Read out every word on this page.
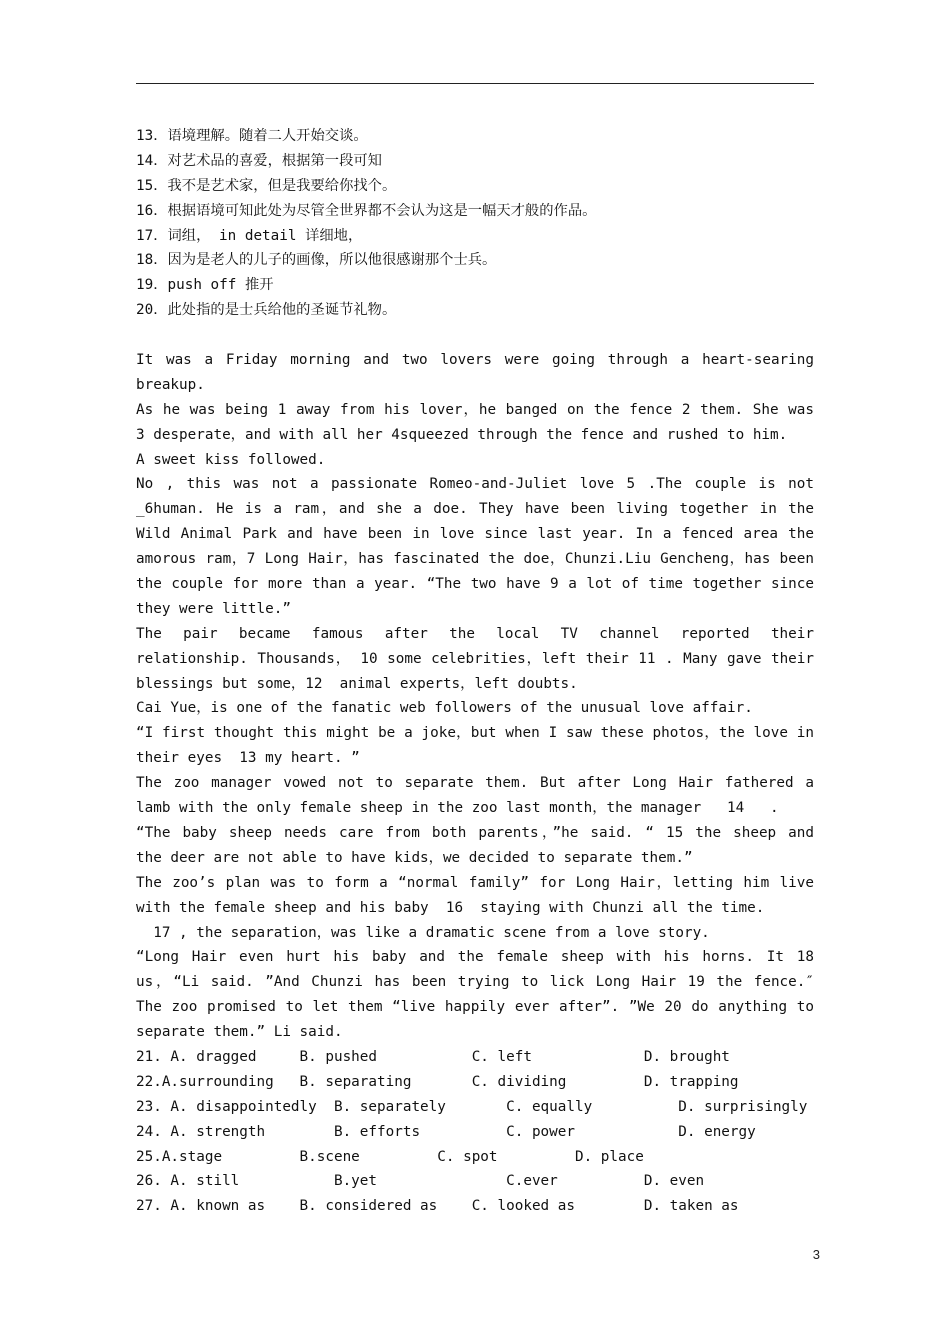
13．语境理解。随着二人开始交谈。
14．对艺术品的喜爱，根据第一段可知
15．我不是艺术家，但是我要给你找个。
16．根据语境可知此处为尽管全世界都不会认为这是一幅天才般的作品。
17．词组， in detail 详细地，
18．因为是老人的儿子的画像，所以他很感谢那个士兵。
19．push off 推开
20．此处指的是士兵给他的圣诞节礼物。
It was a Friday morning and two lovers were going through a heart-searing
breakup.
As he was being 1 away from his lover，he banged on the fence 2 them. She was
3 desperate，and with all her 4squeezed through the fence and rushed to him.
A sweet kiss followed.
No , this was not a passionate Romeo-and-Juliet love 5 .The couple is not
_6human. He is a ram，and she a doe. They have been living together in the
Wild Animal Park and have been in love since last year. In a fenced area the
amorous ram，7 Long Hair，has fascinated the doe，Chunzi.Liu Gencheng，has been
the couple for more than a year. “The two have 9 a lot of time together since
they were little.”
The pair became famous after the local TV channel reported their
relationship. Thousands， 10 some celebrities，left their 11 . Many gave their
blessings but some，12  animal experts，left doubts.
Cai Yue，is one of the fanatic web followers of the unusual love affair.
“I first thought this might be a joke，but when I saw these photos，the love in
their eyes  13 my heart. ”
The zoo manager vowed not to separate them. But after Long Hair fathered a
lamb with the only female sheep in the zoo last month，the manager   14   .
“The baby sheep needs care from both parents，”he said. “ 15 the sheep and
the deer are not able to have kids，we decided to separate them.”
The zoo’s plan was to form a “normal family” for Long Hair，letting him live
with the female sheep and his baby  16  staying with Chunzi all the time.
17 , the separation，was like a dramatic scene from a love story.
“Long Hair even hurt his baby and the female sheep with his horns. It 18
us，“Li said. ”And Chunzi has been trying to lick Long Hair 19 the fence.″
The zoo promised to let them “live happily ever after”. ”We 20 do anything to
separate them.” Li said.
21. A. dragged     B. pushed           C. left             D. brought
22.A.surrounding   B. separating       C. dividing         D. trapping
23. A. disappointedly  B. separately       C. equally          D. surprisingly
24. A. strength        B. efforts          C. power            D. energy
25.A.stage         B.scene         C. spot         D. place
26. A. still           B.yet               C.ever          D. even
27. A. known as    B. considered as    C. looked as        D. taken as
3
